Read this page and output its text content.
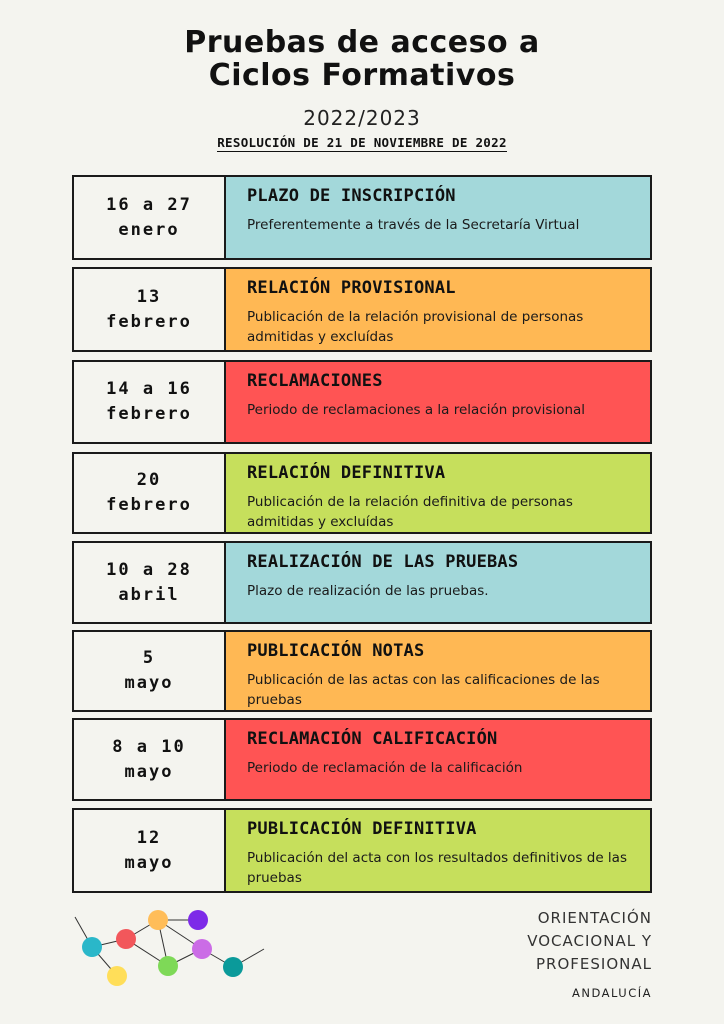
Pruebas de acceso a
Ciclos Formativos
2022/2023
RESOLUCIÓN DE 21 DE NOVIEMBRE DE 2022
16 a 27
enero
PLAZO DE INSCRIPCIÓN
Preferentemente a través de la Secretaría Virtual
13
febrero
RELACIÓN PROVISIONAL
Publicación de la relación provisional de personas admitidas y excluídas
14 a 16
febrero
RECLAMACIONES
Periodo de reclamaciones a la relación provisional
20
febrero
RELACIÓN DEFINITIVA
Publicación de la relación definitiva de personas admitidas y excluídas
10 a 28
abril
REALIZACIÓN DE LAS PRUEBAS
Plazo de realización de las pruebas.
5
mayo
PUBLICACIÓN NOTAS
Publicación de las actas con las calificaciones de las pruebas
8 a 10
mayo
RECLAMACIÓN CALIFICACIÓN
Periodo de reclamación de la calificación
12
mayo
PUBLICACIÓN DEFINITIVA
Publicación del acta con los resultados definitivos de las pruebas
ORIENTACIÓN
VOCACIONAL Y
PROFESIONAL
ANDALUCÍA
